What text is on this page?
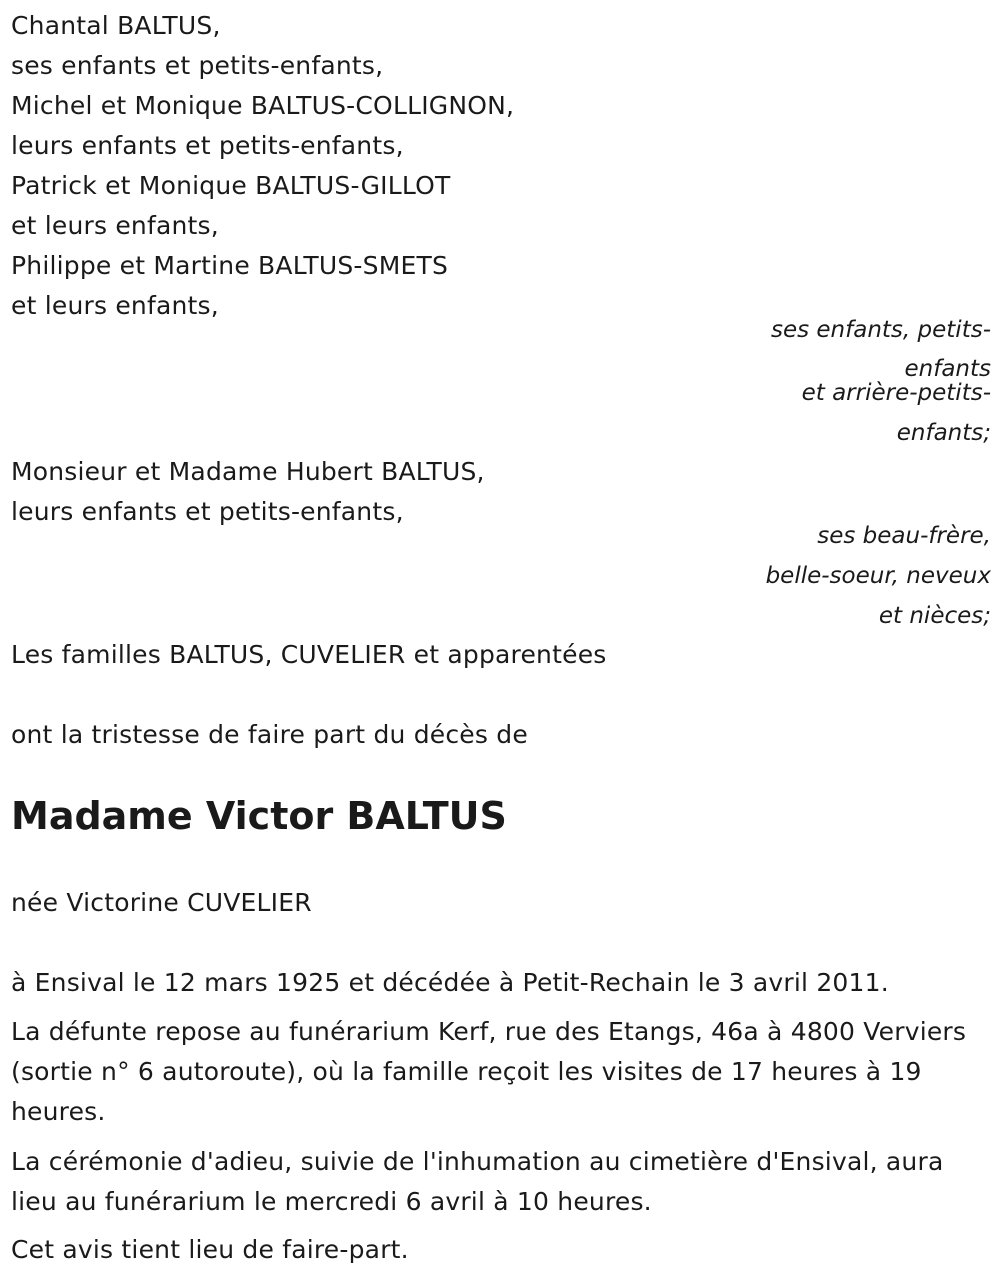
Chantal BALTUS,
ses enfants et petits-enfants,
Michel et Monique BALTUS-COLLIGNON,
leurs enfants et petits-enfants,
Patrick et Monique BALTUS-GILLOT
et leurs enfants,
Philippe et Martine BALTUS-SMETS
et leurs enfants,
ses enfants, petits-
enfants
et arrière-petits-
enfants;
Monsieur et Madame Hubert BALTUS,
leurs enfants et petits-enfants,
ses beau-frère,
belle-soeur, neveux
et nièces;
Les familles BALTUS, CUVELIER et apparentées
ont la tristesse de faire part du décès de
Madame Victor BALTUS
née Victorine CUVELIER
à Ensival le 12 mars 1925 et décédée à Petit-Rechain le 3 avril 2011.
La défunte repose au funérarium Kerf, rue des Etangs, 46a à 4800 Verviers (sortie n° 6 autoroute), où la famille reçoit les visites de 17 heures à 19 heures.
La cérémonie d'adieu, suivie de l'inhumation au cimetière d'Ensival, aura lieu au funérarium le mercredi 6 avril à 10 heures.
Cet avis tient lieu de faire-part.
